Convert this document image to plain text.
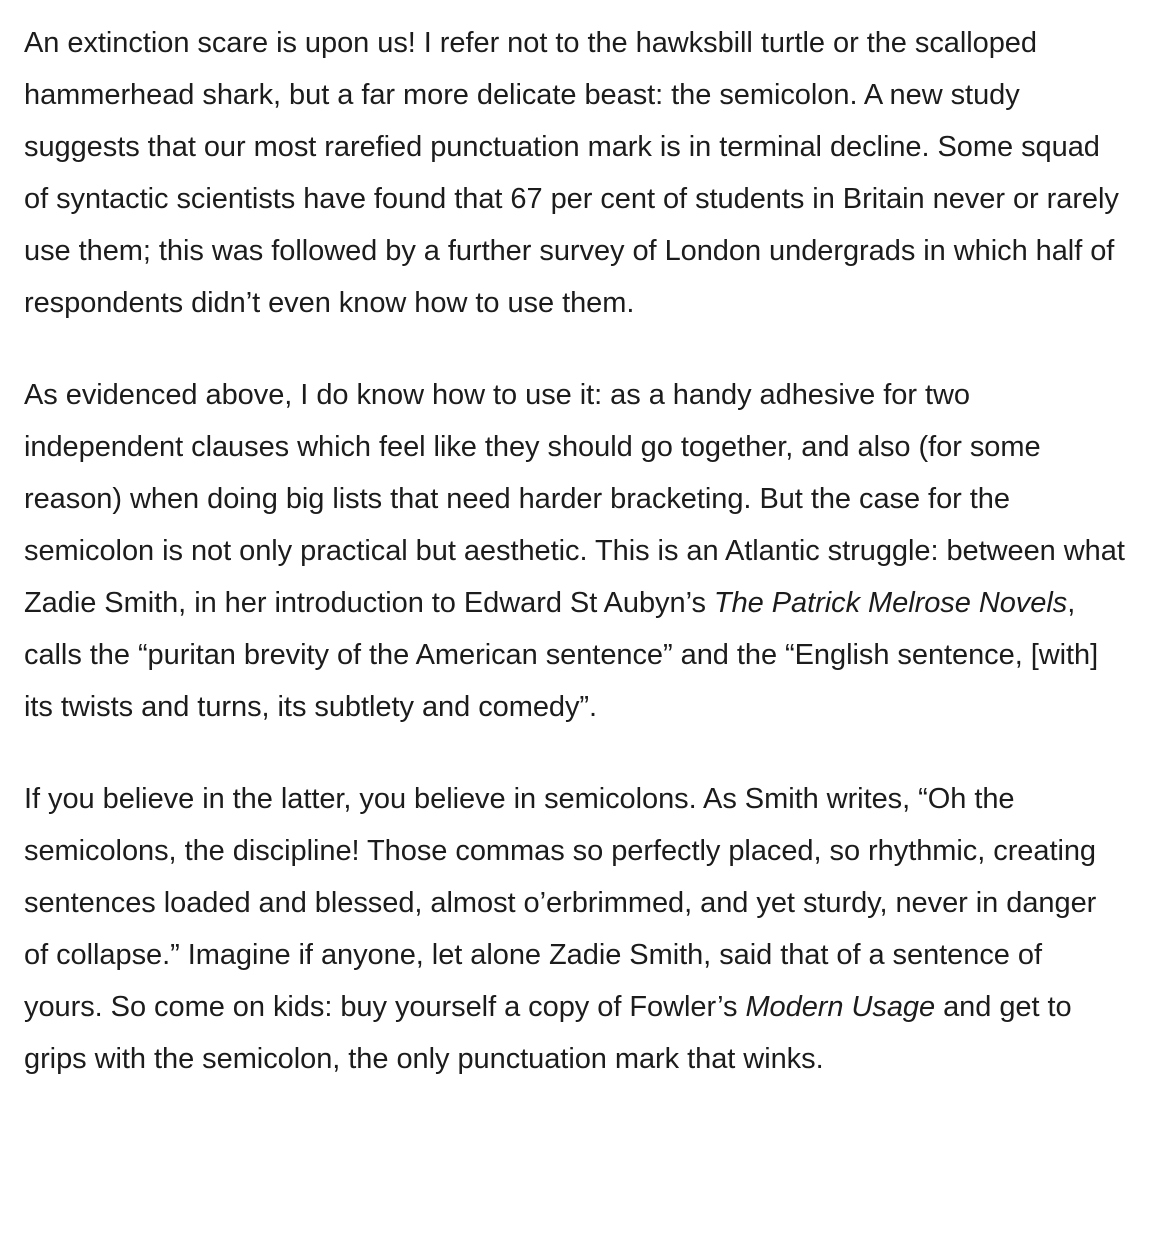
An extinction scare is upon us! I refer not to the hawksbill turtle or the scalloped hammerhead shark, but a far more delicate beast: the semicolon. A new study suggests that our most rarefied punctuation mark is in terminal decline. Some squad of syntactic scientists have found that 67 per cent of students in Britain never or rarely use them; this was followed by a further survey of London undergrads in which half of respondents didn’t even know how to use them.

As evidenced above, I do know how to use it: as a handy adhesive for two independent clauses which feel like they should go together, and also (for some reason) when doing big lists that need harder bracketing. But the case for the semicolon is not only practical but aesthetic. This is an Atlantic struggle: between what Zadie Smith, in her introduction to Edward St Aubyn’s The Patrick Melrose Novels, calls the “puritan brevity of the American sentence” and the “English sentence, [with] its twists and turns, its subtlety and comedy”.

If you believe in the latter, you believe in semicolons. As Smith writes, “Oh the semicolons, the discipline! Those commas so perfectly placed, so rhythmic, creating sentences loaded and blessed, almost o’erbrimmed, and yet sturdy, never in danger of collapse.” Imagine if anyone, let alone Zadie Smith, said that of a sentence of yours. So come on kids: buy yourself a copy of Fowler’s Modern Usage and get to grips with the semicolon, the only punctuation mark that winks.
